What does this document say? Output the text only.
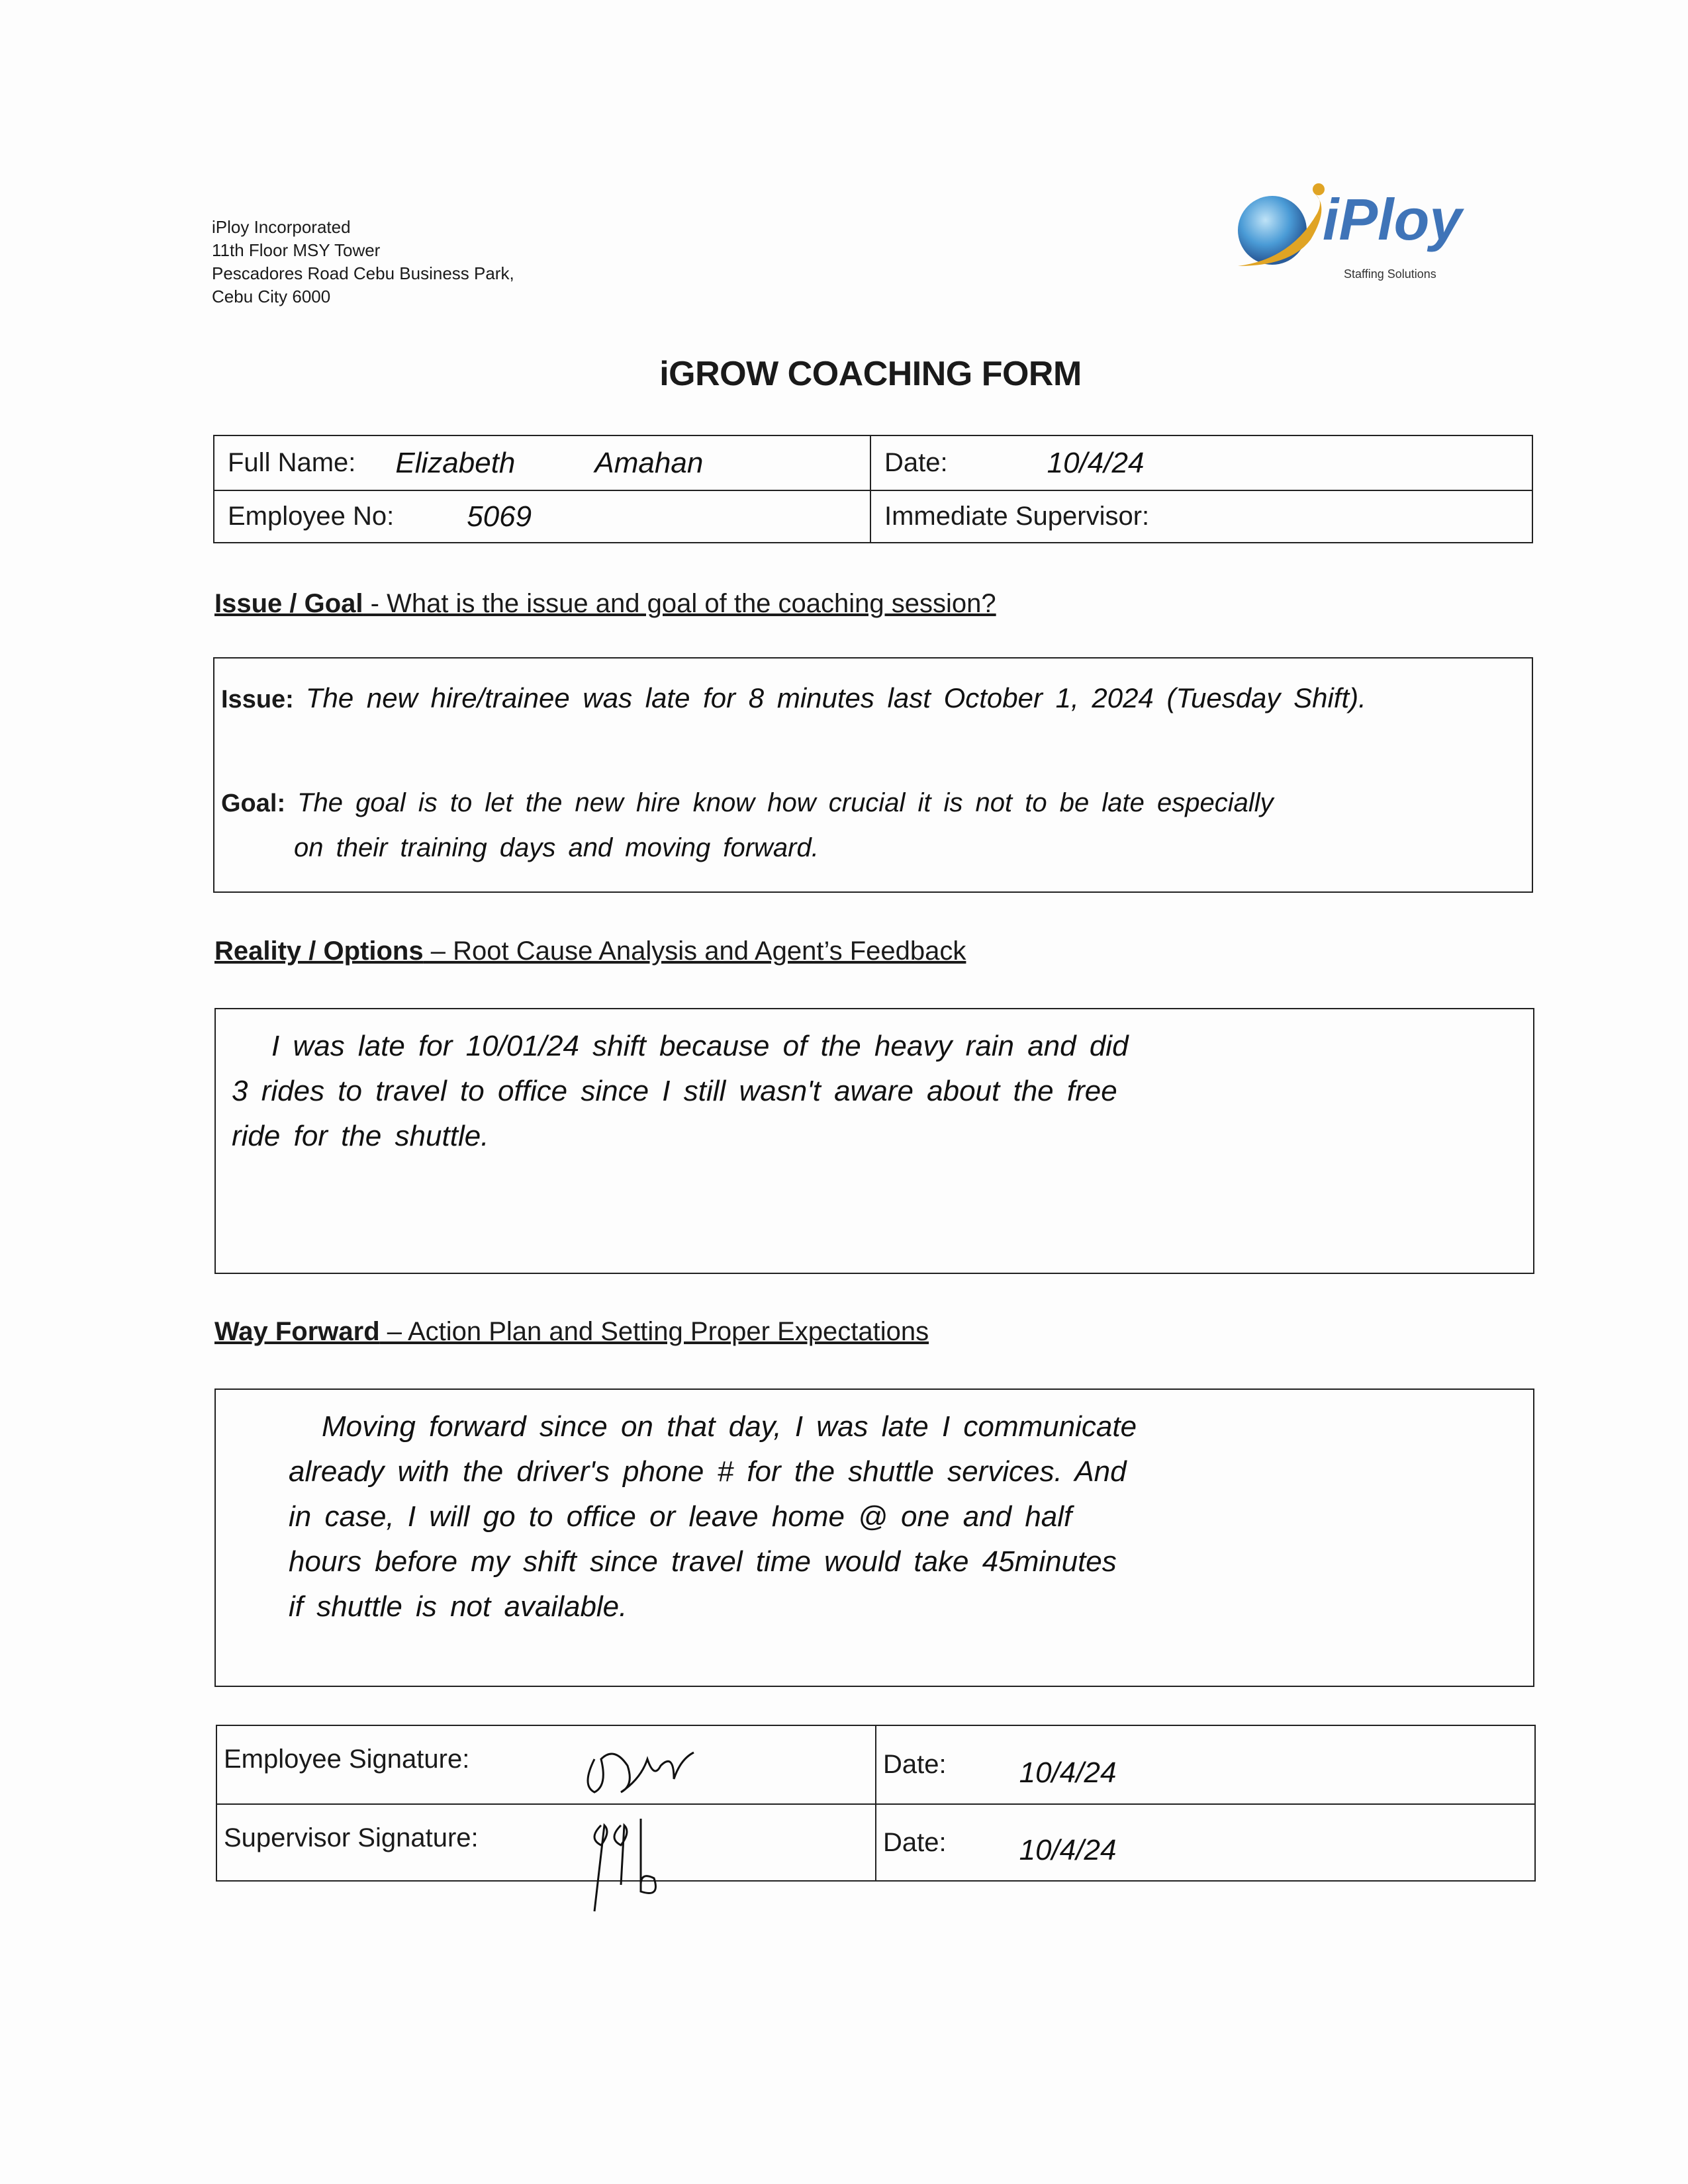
iPloy Incorporated
11th Floor MSY Tower
Pescadores Road Cebu Business Park,
Cebu City 6000
iPloy
Staffing Solutions
iGROW COACHING FORM
Full Name: Elizabeth	Amahan	Date:	10/4/24
Employee No:	5069	Immediate Supervisor:
Issue / Goal - What is the issue and goal of the coaching session?
Issue: The new hire/trainee was late for 8 minutes last October 1, 2024 (Tuesday Shift).
Goal: The goal is to let the new hire know how crucial it is not to be late especially
on their training days and moving forward.
Reality / Options – Root Cause Analysis and Agent’s Feedback
I was late for 10/01/24 shift because of the heavy rain and did
3 rides to travel to office since I still wasn't aware about the free
ride for the shuttle.
Way Forward – Action Plan and Setting Proper Expectations
Moving forward since on that day, I was late I communicate
already with the driver's phone # for the shuttle services. And
in case, I will go to office or leave home @ one and half
hours before my shift since travel time would take 45minutes
if shuttle is not available.
Employee Signature:	Date:	10/4/24
Supervisor Signature:	Date:	10/4/24
